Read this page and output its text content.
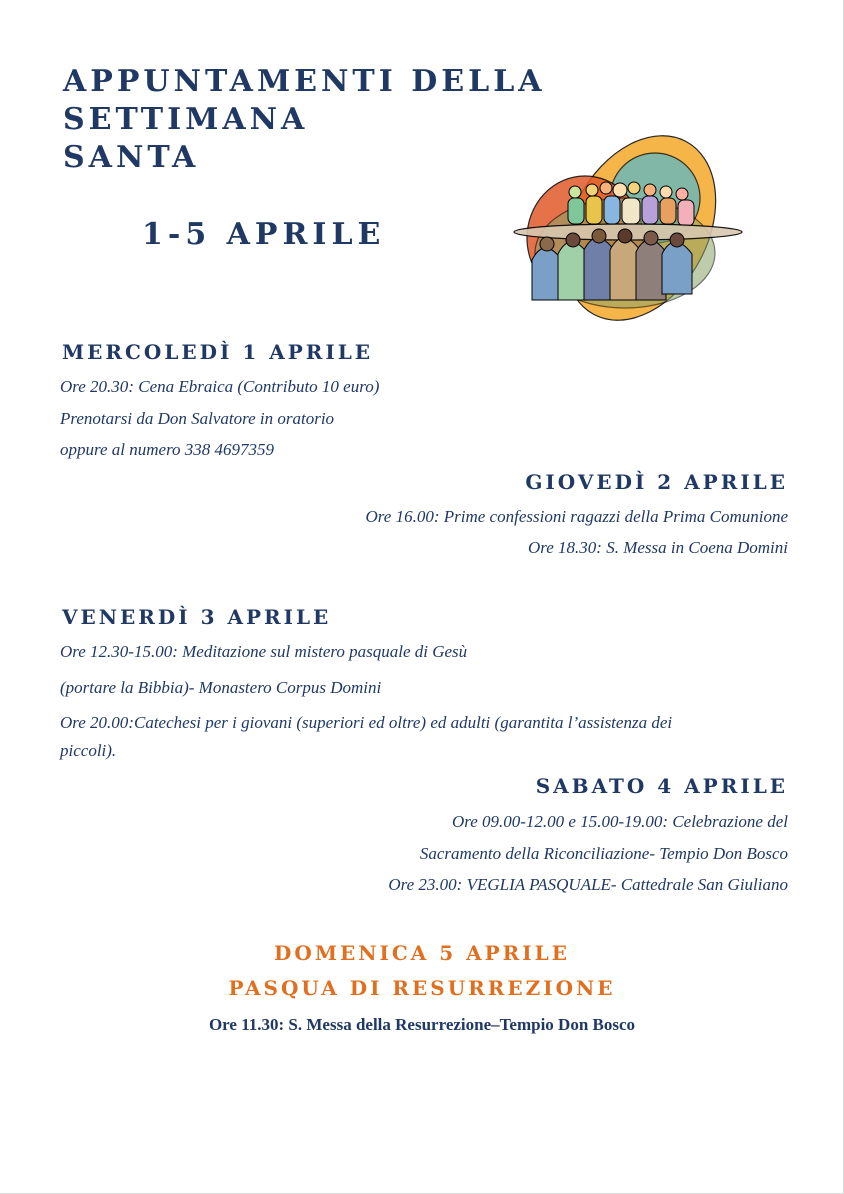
APPUNTAMENTI DELLA
SETTIMANA
SANTA
1-5 APRILE
MERCOLEDÌ 1 APRILE
Ore 20.30: Cena Ebraica (Contributo 10 euro)
Prenotarsi da Don Salvatore in oratorio
oppure al numero 338 4697359
GIOVEDÌ 2 APRILE
Ore 16.00: Prime confessioni ragazzi della Prima Comunione
Ore 18.30: S. Messa in Coena Domini
VENERDÌ 3 APRILE
Ore 12.30-15.00: Meditazione sul mistero pasquale di Gesù
(portare la Bibbia)- Monastero Corpus Domini
Ore 20.00:Catechesi per i giovani (superiori ed oltre) ed adulti (garantita l’assistenza dei
piccoli).
SABATO 4 APRILE
Ore 09.00-12.00 e 15.00-19.00: Celebrazione del
Sacramento della Riconciliazione- Tempio Don Bosco
Ore 23.00: VEGLIA PASQUALE- Cattedrale San Giuliano
DOMENICA 5 APRILE
PASQUA DI RESURREZIONE
Ore 11.30: S. Messa della Resurrezione–Tempio Don Bosco
